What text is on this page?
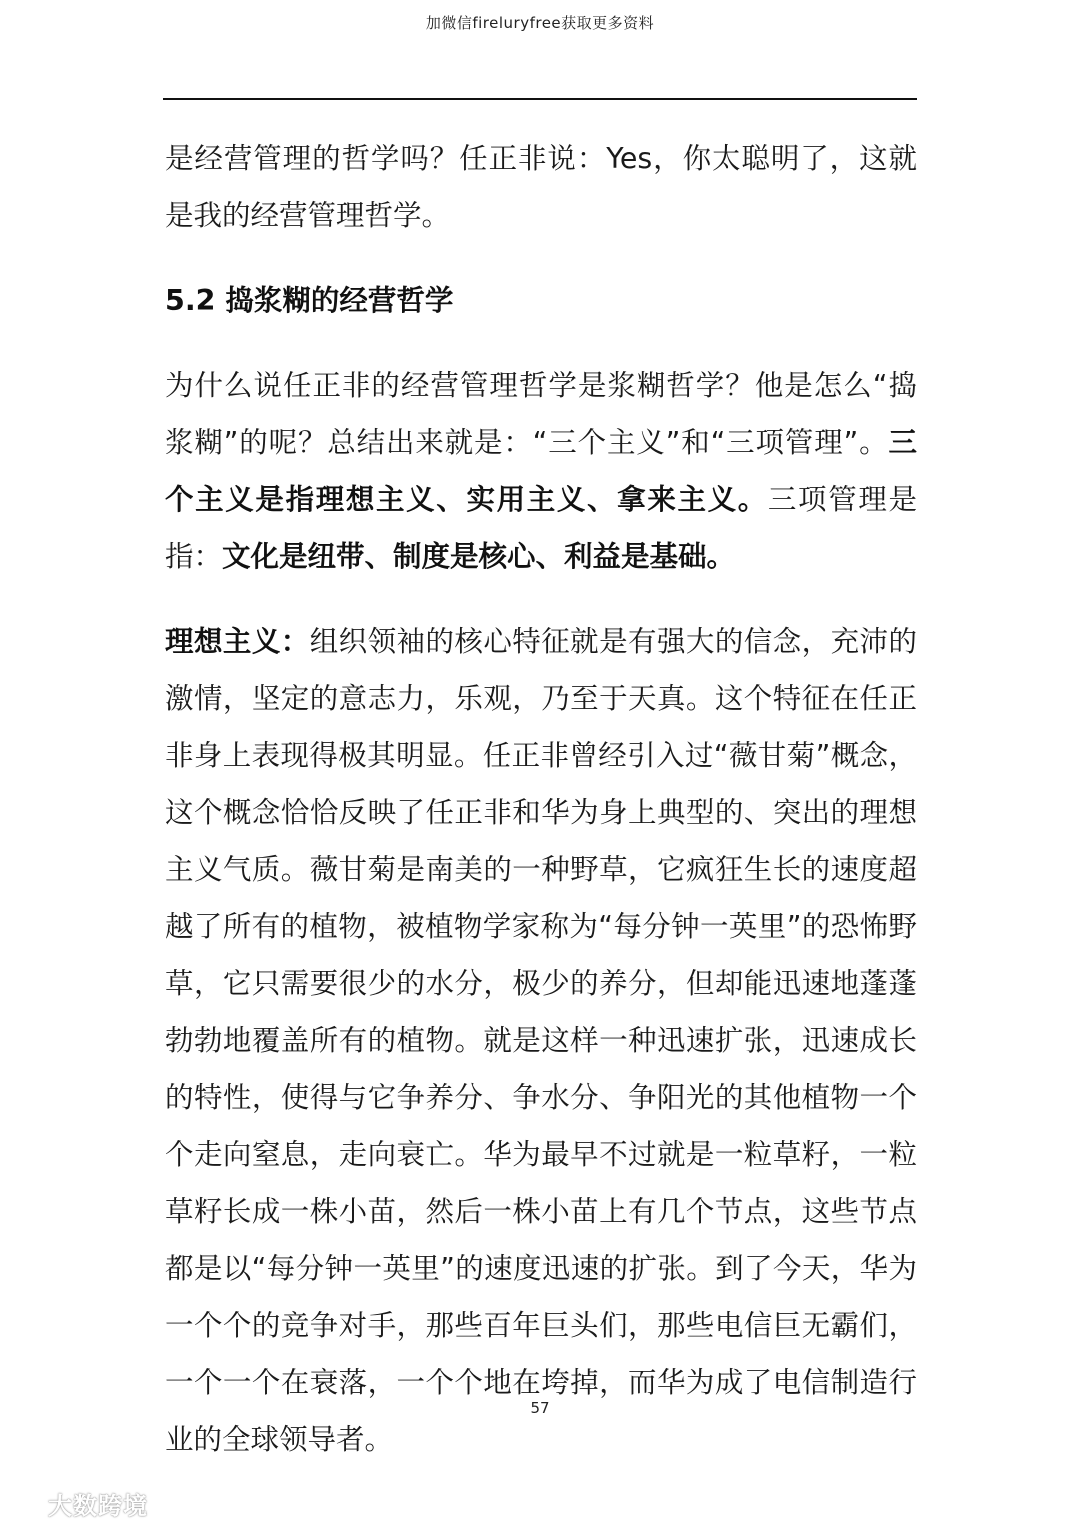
加微信fireluryfree获取更多资料

是经营管理的哲学吗？任正非说：Yes，你太聪明了，这就是我的经营管理哲学。

5.2 捣浆糊的经营哲学

为什么说任正非的经营管理哲学是浆糊哲学？他是怎么“捣浆糊”的呢？总结出来就是：“三个主义”和“三项管理”。三个主义是指理想主义、实用主义、拿来主义。三项管理是指：文化是纽带、制度是核心、利益是基础。

理想主义：组织领袖的核心特征就是有强大的信念，充沛的激情，坚定的意志力，乐观，乃至于天真。这个特征在任正非身上表现得极其明显。任正非曾经引入过“薇甘菊”概念，这个概念恰恰反映了任正非和华为身上典型的、突出的理想主义气质。薇甘菊是南美的一种野草，它疯狂生长的速度超越了所有的植物，被植物学家称为“每分钟一英里”的恐怖野草，它只需要很少的水分，极少的养分，但却能迅速地蓬蓬勃勃地覆盖所有的植物。就是这样一种迅速扩张，迅速成长的特性，使得与它争养分、争水分、争阳光的其他植物一个个走向窒息，走向衰亡。华为最早不过就是一粒草籽，一粒草籽长成一株小苗，然后一株小苗上有几个节点，这些节点都是以“每分钟一英里”的速度迅速的扩张。到了今天，华为一个个的竞争对手，那些百年巨头们，那些电信巨无霸们，一个一个在衰落，一个个地在垮掉，而华为成了电信制造行业的全球领导者。

57
大数跨境
